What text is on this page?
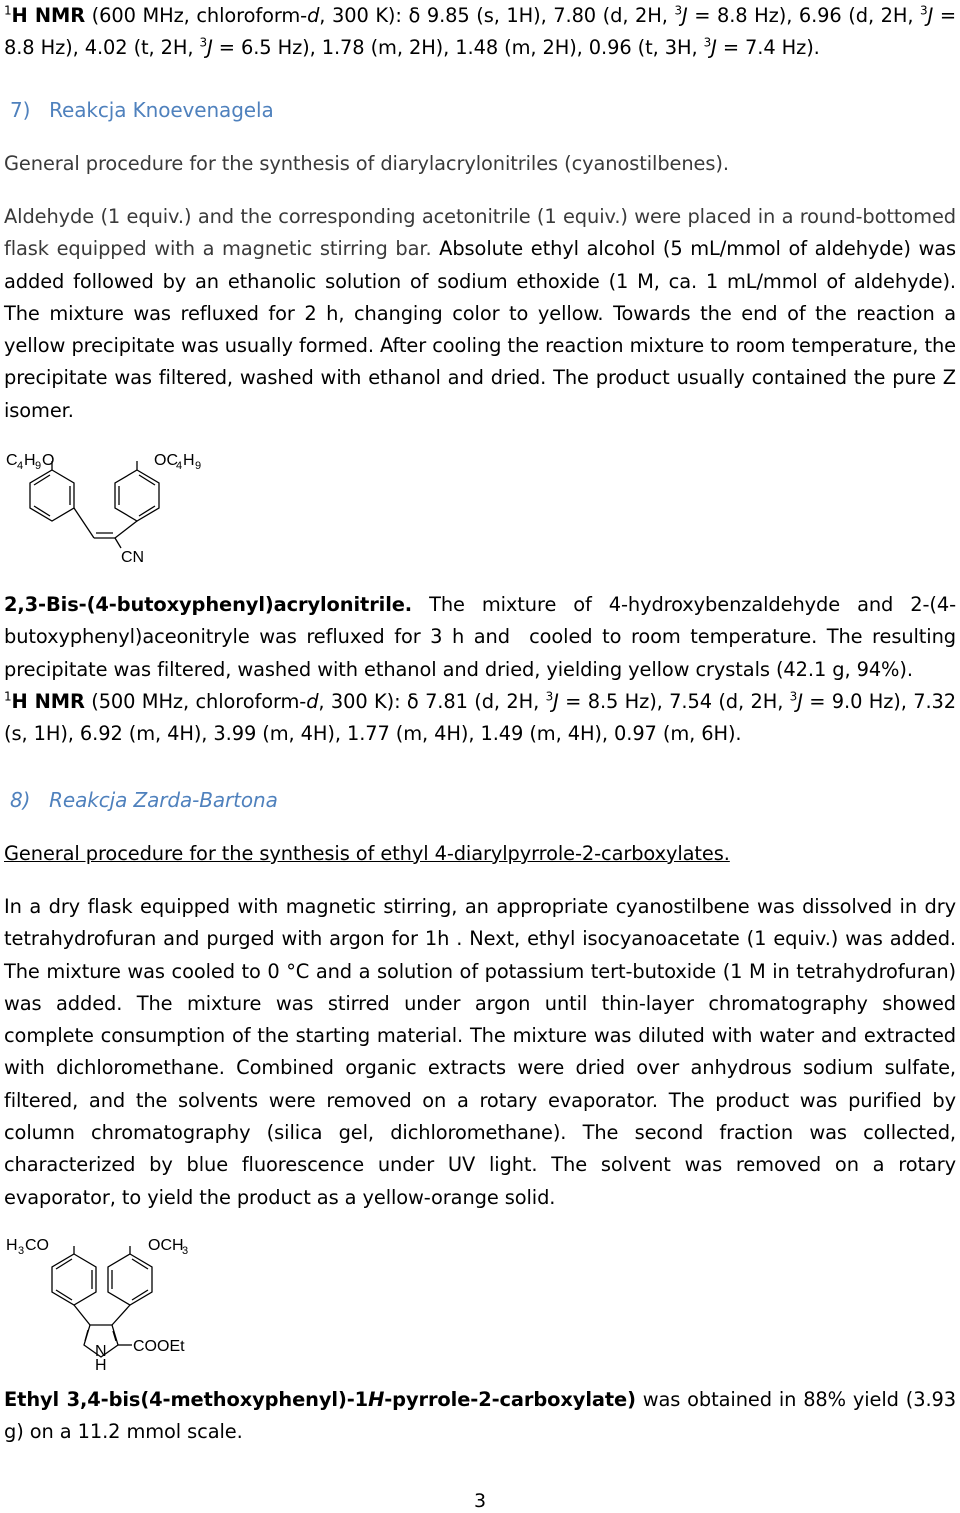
$^1$H NMR (600 MHz, chloroform-d, 300 K): δ 9.85 (s, 1H), 7.80 (d, 2H, $^3$J = 8.8 Hz), 6.96 (d, 2H, $^3$J = 8.8 Hz), 4.02 (t, 2H, $^3$J = 6.5 Hz), 1.78 (m, 2H), 1.48 (m, 2H), 0.96 (t, 3H, $^3$J = 7.4 Hz).
7)   Reakcja Knoevenagela
General procedure for the synthesis of diarylacrylonitriles (cyanostilbenes).
Aldehyde (1 equiv.) and the corresponding acetonitrile (1 equiv.) were placed in a round-bottomed flask equipped with a magnetic stirring bar. Absolute ethyl alcohol (5 mL/mmol of aldehyde) was added followed by an ethanolic solution of sodium ethoxide (1 M, ca. 1 mL/mmol of aldehyde). The mixture was refluxed for 2 h, changing color to yellow. Towards the end of the reaction a yellow precipitate was usually formed. After cooling the reaction mixture to room temperature, the precipitate was filtered, washed with ethanol and dried. The product usually contained the pure Z isomer.
C 4 H 9 O	OC
4 H 9
CN
2,3-Bis-(4-butoxyphenyl)acrylonitrile. The mixture of 4-hydroxybenzaldehyde and 2-(4-butoxyphenyl)aceonitryle was refluxed for 3 h and  cooled to room temperature. The resulting precipitate was filtered, washed with ethanol and dried, yielding yellow crystals (42.1 g, 94%).
$^1$H NMR (500 MHz, chloroform-d, 300 K): δ 7.81 (d, 2H, $^3$J = 8.5 Hz), 7.54 (d, 2H, $^3$J = 9.0 Hz), 7.32 (s, 1H), 6.92 (m, 4H), 3.99 (m, 4H), 1.77 (m, 4H), 1.49 (m, 4H), 0.97 (m, 6H).
8)   Reakcja Zarda-Bartona
General procedure for the synthesis of ethyl 4-diarylpyrrole-2-carboxylates.
In a dry flask equipped with magnetic stirring, an appropriate cyanostilbene was dissolved in dry tetrahydrofuran and purged with argon for 1h . Next, ethyl isocyanoacetate (1 equiv.) was added. The mixture was cooled to 0 °C and a solution of potassium tert-butoxide (1 M in tetrahydrofuran) was added. The mixture was stirred under argon until thin-layer chromatography showed complete consumption of the starting material. The mixture was diluted with water and extracted with dichloromethane. Combined organic extracts were dried over anhydrous sodium sulfate, filtered, and the solvents were removed on a rotary evaporator. The product was purified by column chromatography (silica gel, dichloromethane). The second fraction was collected, characterized by blue fluorescence under UV light. The solvent was removed on a rotary evaporator, to yield the product as a yellow-orange solid.
H 3 CO	OCH
3
N
H
COOEt
Ethyl 3,4-bis(4-methoxyphenyl)-1H-pyrrole-2-carboxylate) was obtained in 88% yield (3.93 g) on a 11.2 mmol scale.
3
